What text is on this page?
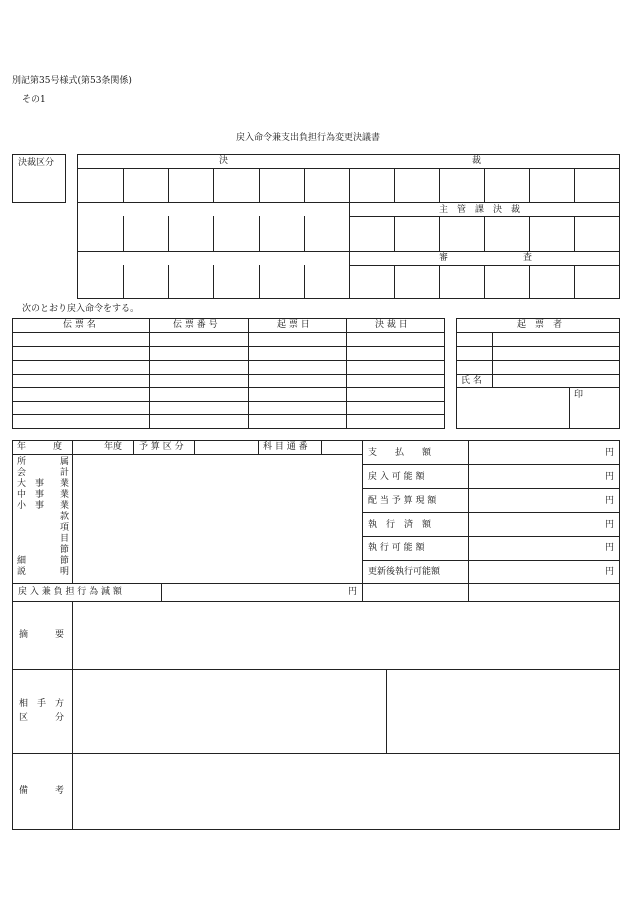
別記第35号様式(第53条関係)
その1
戻入命令兼支出負担行為変更決議書
決裁区分	決	裁
主　管　課　決　裁
審	査
次のとおり戻入命令をする。
伝 票 名	伝 票 番 号	起 票 日	決 裁 日	起　票　者
氏 名
印
年　　　度	年度 予 算 区 分	科 目 通 番
所	属
会	計
大　事 業
中　事 業
小　事 業
款
項
目
節
細	節
説	明
支　　払　　額	円
戻 入 可 能 額	円
配 当 予 算 現 額	円
執　行　済　額	円
執 行 可 能 額	円
更新後執行可能額	円
戻 入 兼 負 担 行 為 減 額	円
摘　　　要
相　手　方
区　　　分
備　　　考
